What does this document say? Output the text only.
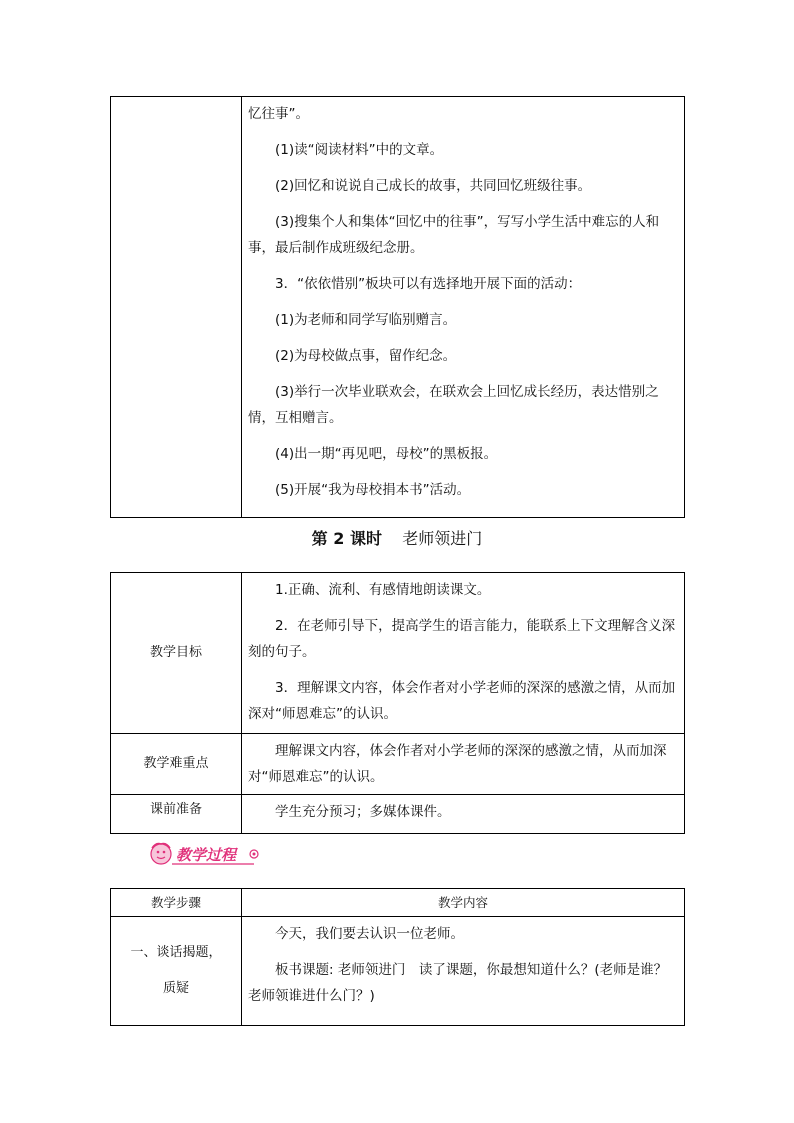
忆往事”。

(1)读“阅读材料”中的文章。

(2)回忆和说说自己成长的故事，共同回忆班级往事。

(3)搜集个人和集体“回忆中的往事”，写写小学生活中难忘的人和事，最后制作成班级纪念册。

3．“依依惜别”板块可以有选择地开展下面的活动：

(1)为老师和同学写临别赠言。

(2)为母校做点事，留作纪念。

(3)举行一次毕业联欢会，在联欢会上回忆成长经历，表达惜别之情，互相赠言。

(4)出一期“再见吧，母校”的黑板报。

(5)开展“我为母校捐本书”活动。

第 2 课时 老师领进门
教学目标

1.正确、流利、有感情地朗读课文。

2．在老师引导下，提高学生的语言能力，能联系上下文理解含义深刻的句子。

3．理解课文内容，体会作者对小学老师的深深的感激之情，从而加深对“师恩难忘”的认识。

教学难重点

理解课文内容，体会作者对小学老师的深深的感激之情，从而加深对“师恩难忘”的认识。

课前准备	学生充分预习；多媒体课件。

教学过程
教学步骤	教学内容
一、谈话揭题，
质疑

今天，我们要去认识一位老师。

板书课题: 老师领进门　读了课题，你最想知道什么？(老师是谁？老师领谁进什么门？)
